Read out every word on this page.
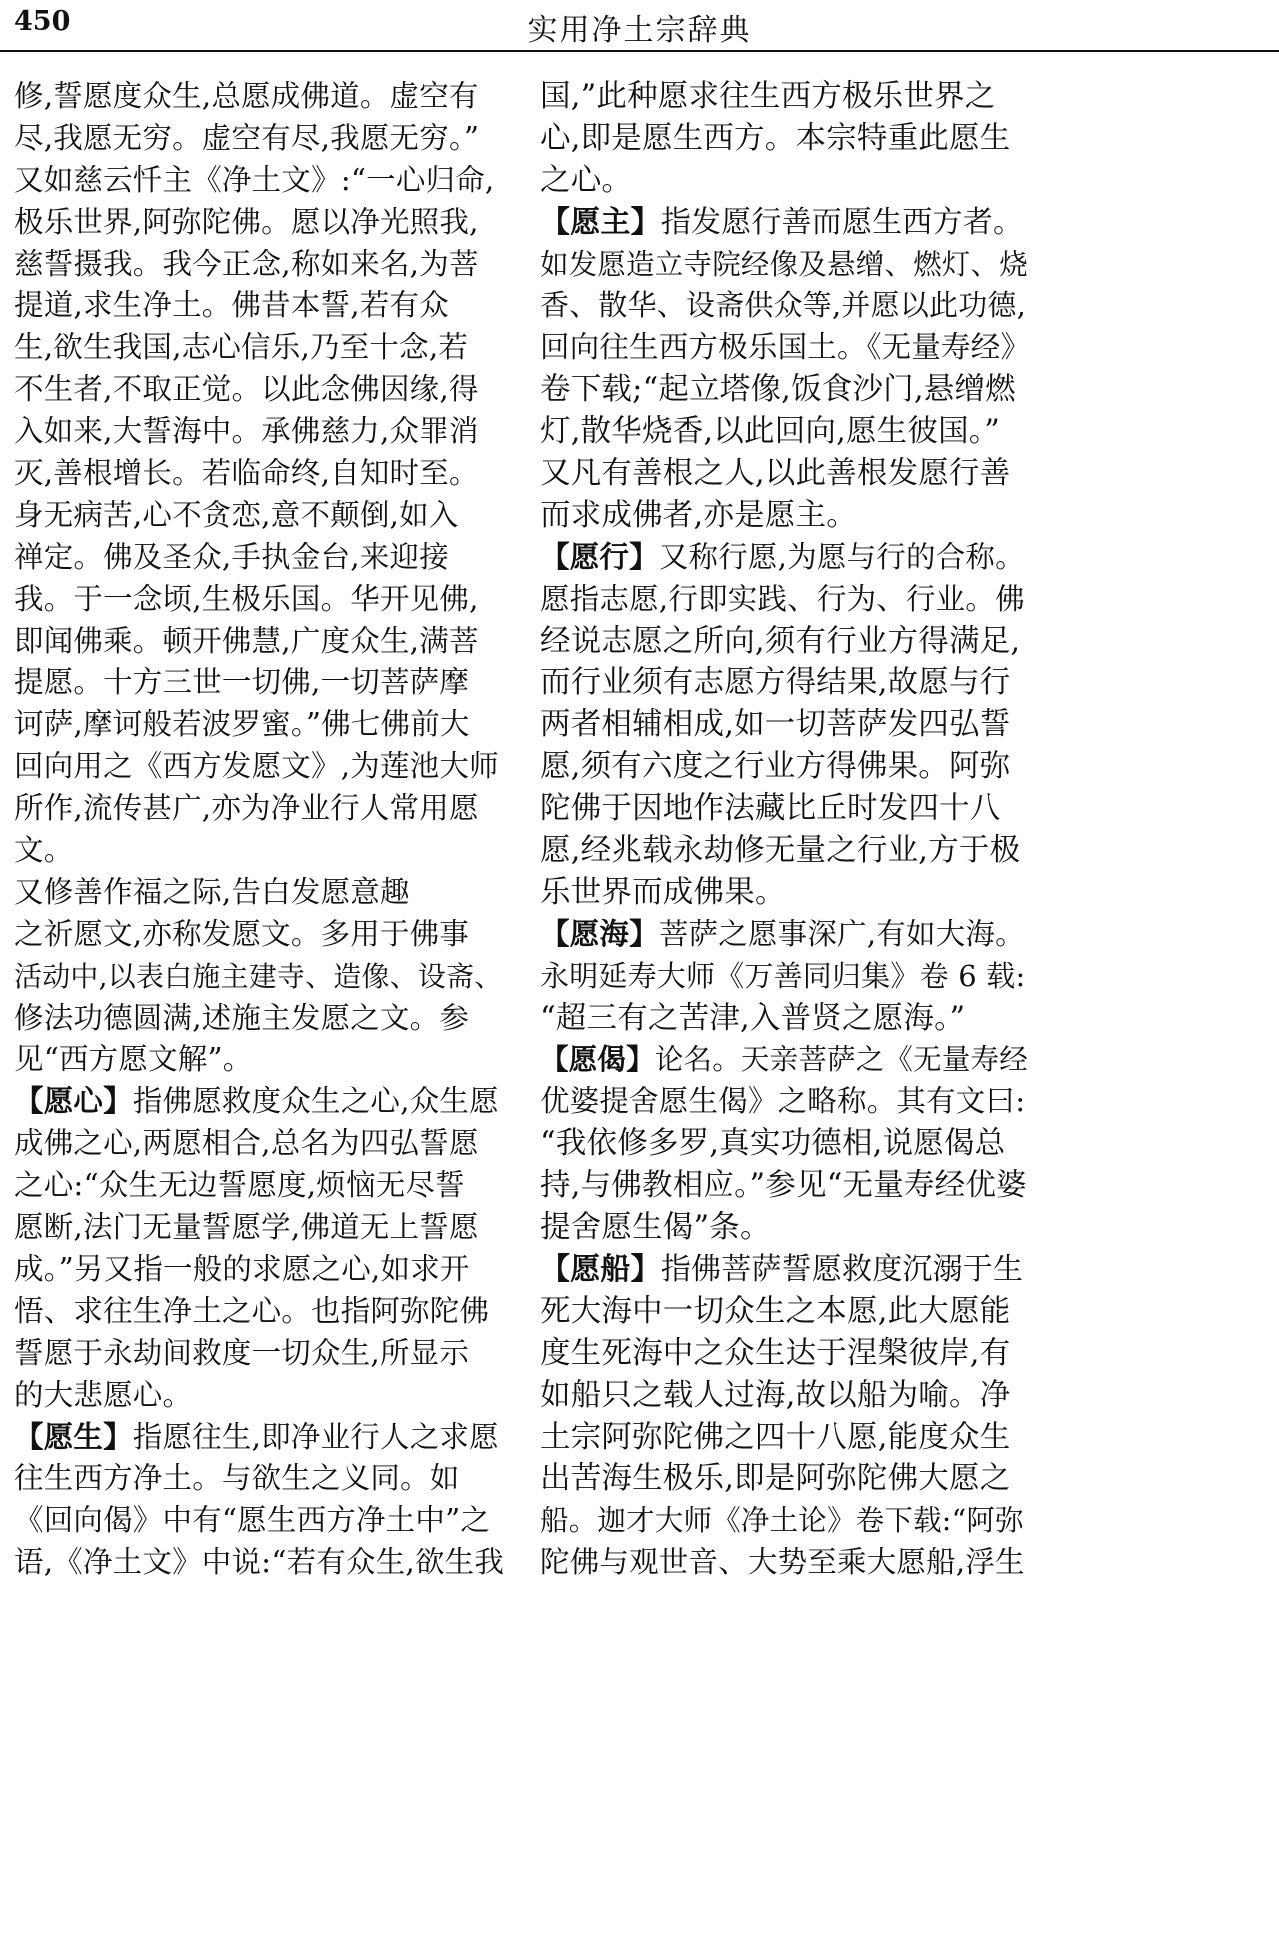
450	实用净土宗辞典
修,誓愿度众生,总愿成佛道。虚空有
尽,我愿无穷。虚空有尽,我愿无穷。”
又如慈云忏主《净土文》:“一心归命,
极乐世界,阿弥陀佛。愿以净光照我,
慈誓摄我。我今正念,称如来名,为菩
提道,求生净土。佛昔本誓,若有众
生,欲生我国,志心信乐,乃至十念,若
不生者,不取正觉。以此念佛因缘,得
入如来,大誓海中。承佛慈力,众罪消
灭,善根增长。若临命终,自知时至。
身无病苦,心不贪恋,意不颠倒,如入
禅定。佛及圣众,手执金台,来迎接
我。于一念顷,生极乐国。华开见佛,
即闻佛乘。顿开佛慧,广度众生,满菩
提愿。十方三世一切佛,一切菩萨摩
诃萨,摩诃般若波罗蜜。”佛七佛前大
回向用之《西方发愿文》,为莲池大师
所作,流传甚广,亦为净业行人常用愿
文。
又修善作福之际,告白发愿意趣
之祈愿文,亦称发愿文。多用于佛事
活动中,以表白施主建寺、造像、设斋、
修法功德圆满,述施主发愿之文。参
见“西方愿文解”。
【愿心】指佛愿救度众生之心,众生愿
成佛之心,两愿相合,总名为四弘誓愿
之心:“众生无边誓愿度,烦恼无尽誓
愿断,法门无量誓愿学,佛道无上誓愿
成。”另又指一般的求愿之心,如求开
悟、求往生净土之心。也指阿弥陀佛
誓愿于永劫间救度一切众生,所显示
的大悲愿心。
【愿生】指愿往生,即净业行人之求愿
往生西方净土。与欲生之义同。如
《回向偈》中有“愿生西方净土中”之
语,《净土文》中说:“若有众生,欲生我
国,”此种愿求往生西方极乐世界之
心,即是愿生西方。本宗特重此愿生
之心。
【愿主】指发愿行善而愿生西方者。
如发愿造立寺院经像及悬缯、燃灯、烧
香、散华、设斋供众等,并愿以此功德,
回向往生西方极乐国土。《无量寿经》
卷下载;“起立塔像,饭食沙门,悬缯燃
灯,散华烧香,以此回向,愿生彼国。”
又凡有善根之人,以此善根发愿行善
而求成佛者,亦是愿主。
【愿行】又称行愿,为愿与行的合称。
愿指志愿,行即实践、行为、行业。佛
经说志愿之所向,须有行业方得满足,
而行业须有志愿方得结果,故愿与行
两者相辅相成,如一切菩萨发四弘誓
愿,须有六度之行业方得佛果。阿弥
陀佛于因地作法藏比丘时发四十八
愿,经兆载永劫修无量之行业,方于极
乐世界而成佛果。
【愿海】菩萨之愿事深广,有如大海。
永明延寿大师《万善同归集》卷 6 载:
“超三有之苦津,入普贤之愿海。”
【愿偈】论名。天亲菩萨之《无量寿经
优婆提舍愿生偈》之略称。其有文曰:
“我依修多罗,真实功德相,说愿偈总
持,与佛教相应。”参见“无量寿经优婆
提舍愿生偈”条。
【愿船】指佛菩萨誓愿救度沉溺于生
死大海中一切众生之本愿,此大愿能
度生死海中之众生达于涅槃彼岸,有
如船只之载人过海,故以船为喻。净
土宗阿弥陀佛之四十八愿,能度众生
出苦海生极乐,即是阿弥陀佛大愿之
船。迦才大师《净土论》卷下载:“阿弥
陀佛与观世音、大势至乘大愿船,浮生
